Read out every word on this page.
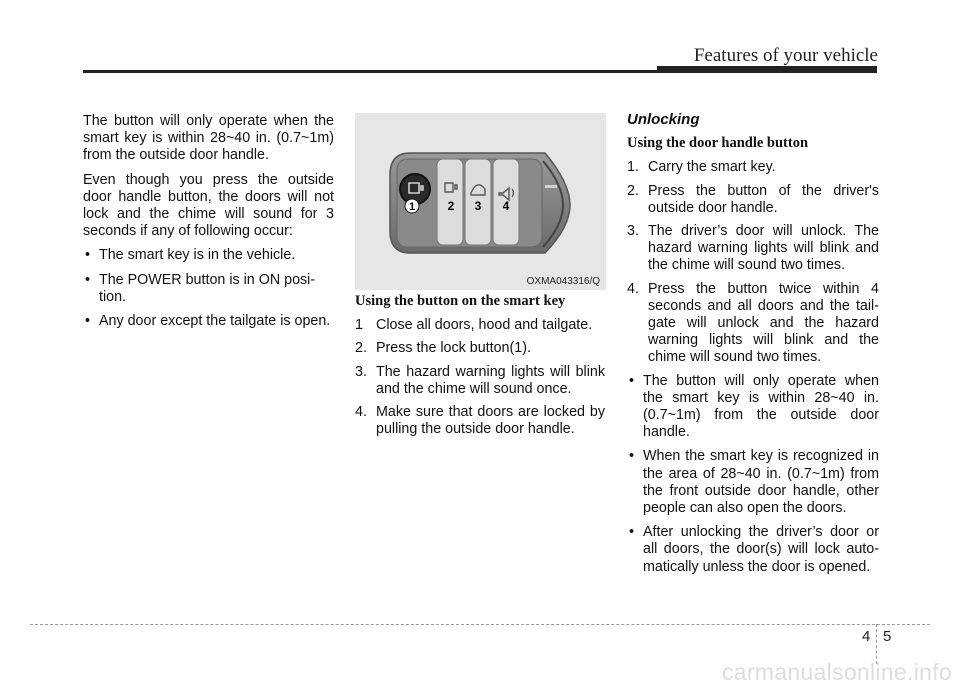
Features of your vehicle

The button will only operate when the smart key is within 28~40 in. (0.7~1m) from the outside door handle.

Even though you press the outside door handle button, the doors will not lock and the chime will sound for 3 seconds if any of following occur:

• The smart key is in the vehicle.
• The POWER button is in ON posi-tion.
• Any door except the tailgate is open.
1	2 3 4
OXMA043316/Q

Using the button on the smart key

1 Close all doors, hood and tailgate.
2. Press the lock button(1).
3. The hazard warning lights will blink and the chime will sound once.
4. Make sure that doors are locked by pulling the outside door handle.

Unlocking

Using the door handle button

1. Carry the smart key.
2. Press the button of the driver's outside door handle.
3. The driver’s door will unlock. The hazard warning lights will blink and the chime will sound two times.
4. Press the button twice within 4 seconds and all doors and the tail-gate will unlock and the hazard warning lights will blink and the chime will sound two times.
• The button will only operate when the smart key is within 28~40 in. (0.7~1m) from the outside door handle.
• When the smart key is recognized in the area of 28~40 in. (0.7~1m) from the front outside door handle, other people can also open the doors.
• After unlocking the driver’s door or all doors, the door(s) will lock auto-matically unless the door is opened.
4 5
carmanualsonline.info
